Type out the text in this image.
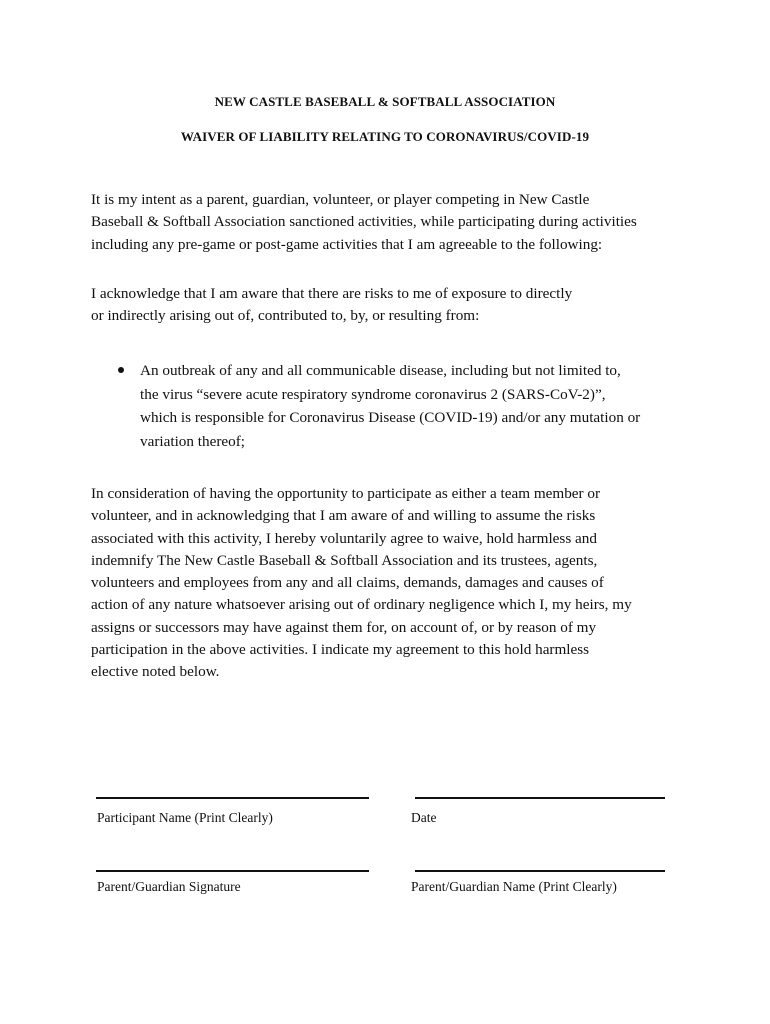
NEW CASTLE BASEBALL & SOFTBALL ASSOCIATION
WAIVER OF LIABILITY RELATING TO CORONAVIRUS/COVID-19

It is my intent as a parent, guardian, volunteer, or player competing in New Castle
Baseball & Softball Association sanctioned activities, while participating during activities
including any pre-game or post-game activities that I am agreeable to the following:

I acknowledge that I am aware that there are risks to me of exposure to directly
or indirectly arising out of, contributed to, by, or resulting from:

An outbreak of any and all communicable disease, including but not limited to,
the virus “severe acute respiratory syndrome coronavirus 2 (SARS-CoV-2)”,
which is responsible for Coronavirus Disease (COVID-19) and/or any mutation or
variation thereof;

In consideration of having the opportunity to participate as either a team member or
volunteer, and in acknowledging that I am aware of and willing to assume the risks
associated with this activity, I hereby voluntarily agree to waive, hold harmless and
indemnify The New Castle Baseball & Softball Association and its trustees, agents,
volunteers and employees from any and all claims, demands, damages and causes of
action of any nature whatsoever arising out of ordinary negligence which I, my heirs, my
assigns or successors may have against them for, on account of, or by reason of my
participation in the above activities. I indicate my agreement to this hold harmless
elective noted below.

Participant Name (Print Clearly)	Date
Parent/Guardian Signature	Parent/Guardian Name (Print Clearly)
